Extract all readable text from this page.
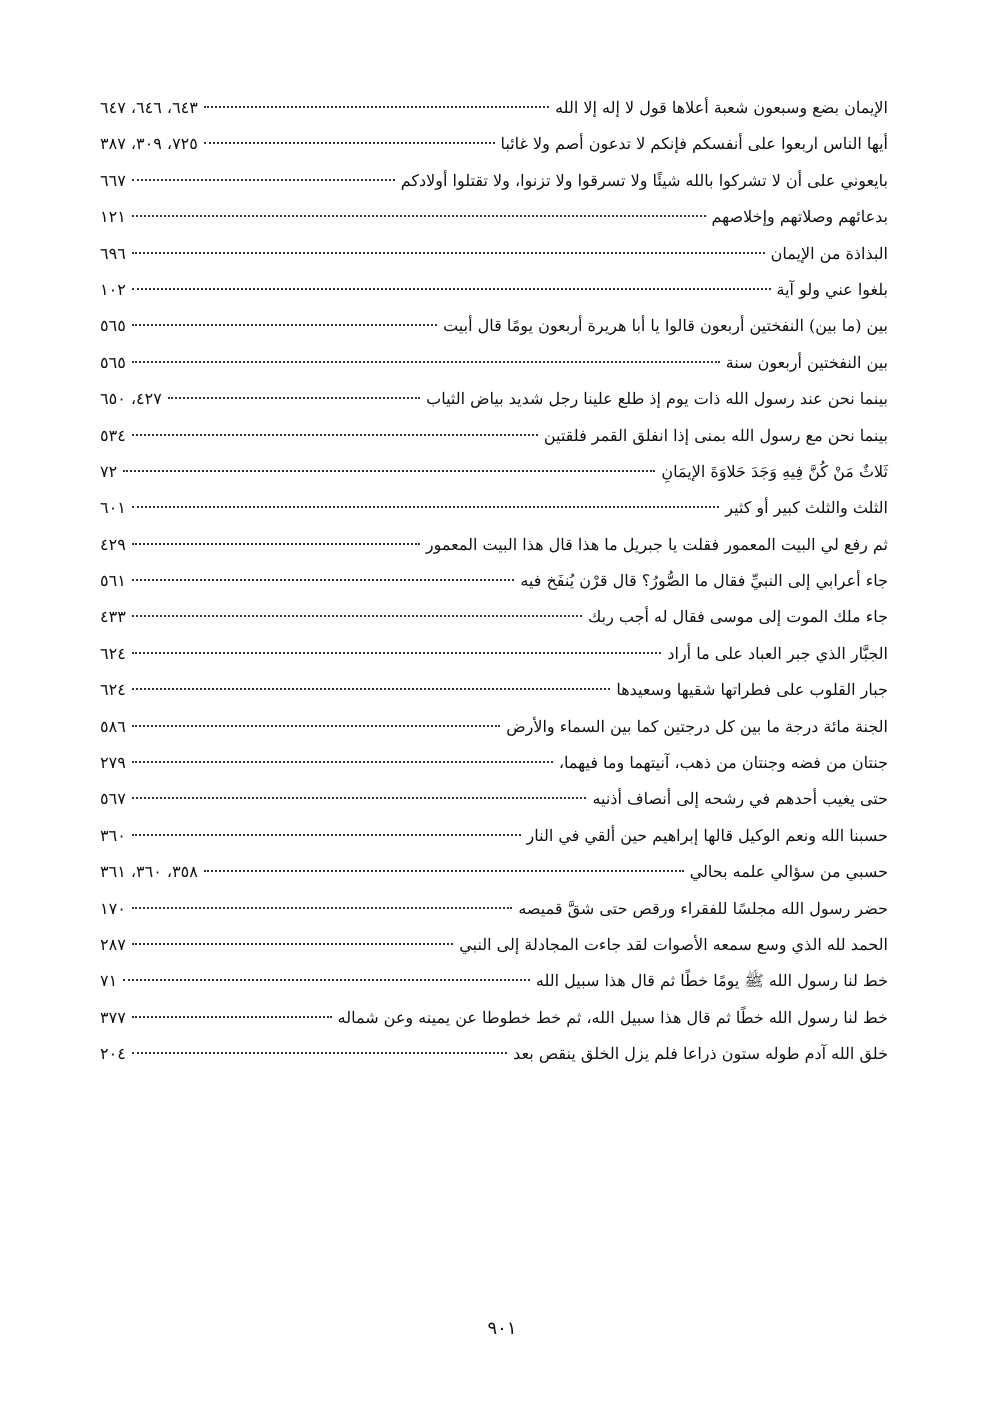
الإيمان بضع وسبعون شعبة أعلاها قول لا إله إلا الله
٦٤٣، ٦٤٦، ٦٤٧
أيها الناس اربعوا على أنفسكم فإنكم لا تدعون أصم ولا غائبا
٧٢٥، ٣٠٩، ٣٨٧
بايعوني على أن لا تشركوا بالله شيئًا ولا تسرقوا ولا تزنوا، ولا تقتلوا أولادكم
٦٦٧
بدعائهم وصلاتهم وإخلاصهم
١٢١
البذاذة من الإيمان
٦٩٦
بلغوا عني ولو آية
١٠٢
بين (ما بين) النفختين أربعون قالوا يا أبا هريرة أربعون يومًا قال أبيت
٥٦٥
بين النفختين أربعون سنة
٥٦٥
بينما نحن عند رسول الله ذات يوم إذ طلع علينا رجل شديد بياض الثياب
٤٢٧، ٦٥٠
بينما نحن مع رسول الله بمنى إذا انفلق القمر فلقتين
٥٣٤
ثَلاثٌ مَنْ كُنَّ فِيهِ وَجَدَ حَلاوَةَ الإيمَانِ
٧٢
الثلث والثلث كبير أو كثير
٦٠١
ثم رفع لي البيت المعمور فقلت يا جبريل ما هذا قال هذا البيت المعمور
٤٢٩
جاء أعرابي إلى النبيِّ فقال ما الصُّورُ؟ قال قرْن يُنفَخ فيه
٥٦١
جاء ملك الموت إلى موسى فقال له أجب ربك
٤٣٣
الجبَّار الذي جبر العباد على ما أراد
٦٢٤
جبار القلوب على فطراتها شقيها وسعيدها
٦٢٤
الجنة مائة درجة ما بين كل درجتين كما بين السماء والأرض
٥٨٦
جنتان من فضه وجنتان من ذهب، آنيتهما وما فيهما،
٢٧٩
حتى يغيب أحدهم في رشحه إلى أنصاف أذنيه
٥٦٧
حسبنا الله ونعم الوكيل قالها إبراهيم حين ألقي في النار
٣٦٠
حسبي من سؤالي علمه بحالي
٣٥٨، ٣٦٠، ٣٦١
حضر رسول الله مجلسًا للفقراء ورقص حتى شقَّ قميصه
١٧٠
الحمد لله الذي وسع سمعه الأصوات لقد جاءت المجادلة إلى النبي
٢٨٧
خط لنا رسول الله ﷺ يومًا خطًا ثم قال هذا سبيل الله
٧١
خط لنا رسول الله خطًا ثم قال هذا سبيل الله، ثم خط خطوطا عن يمينه وعن شماله
٣٧٧
خلق الله آدم طوله ستون ذراعا فلم يزل الخلق ينقص بعد
٢٠٤
٩٠١
